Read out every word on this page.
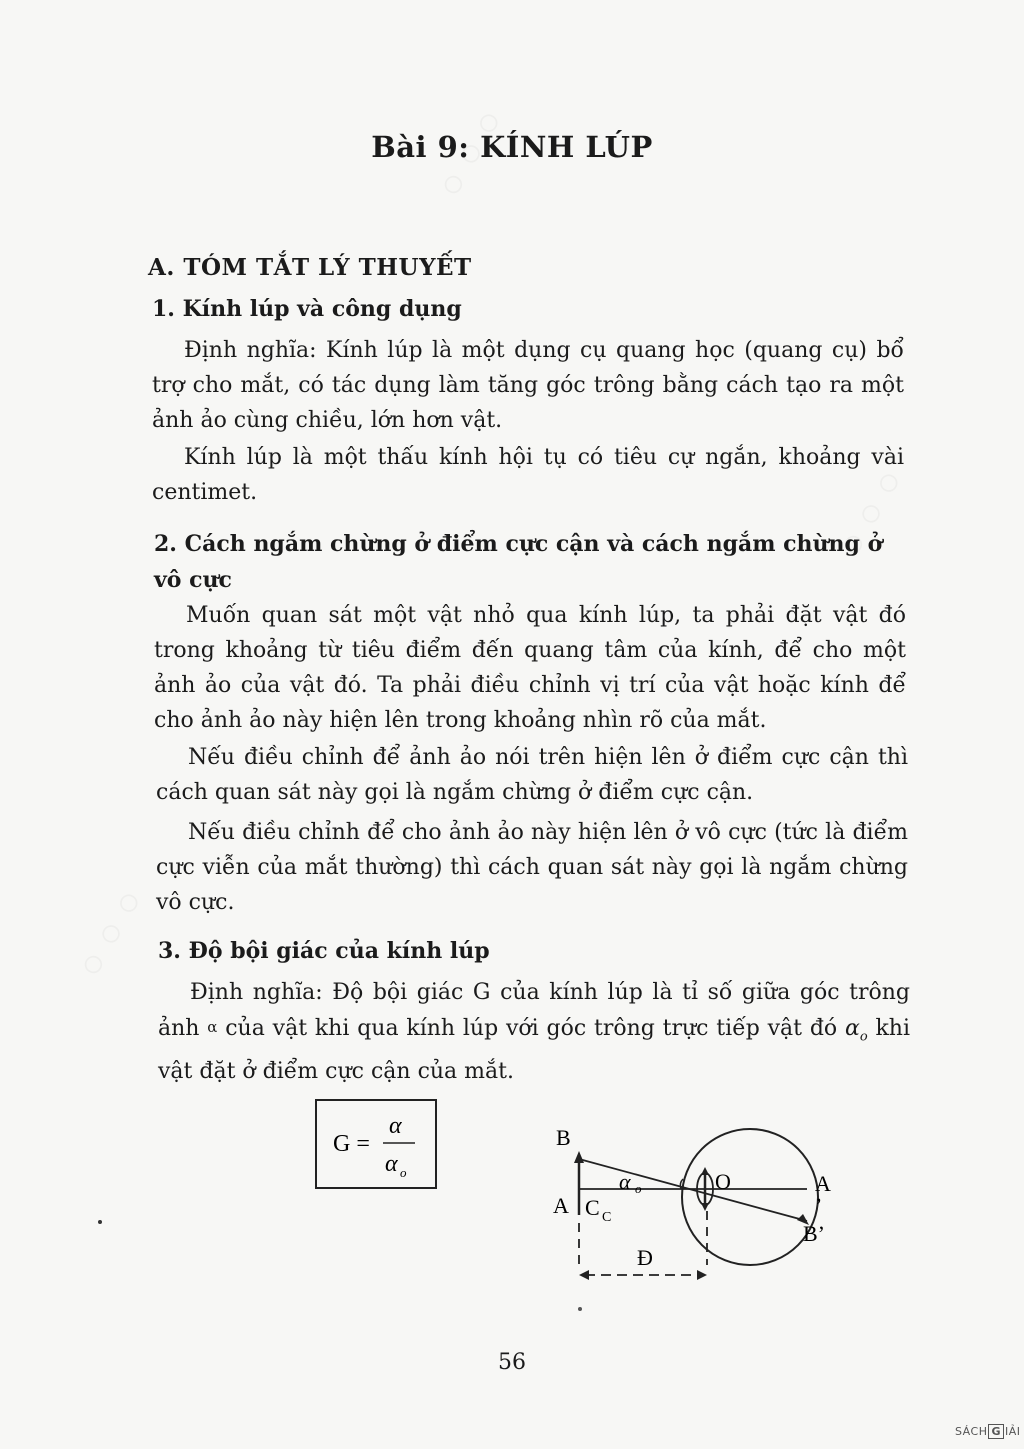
Bài 9: KÍNH LÚP
A. TÓM TẮT LÝ THUYẾT
1. Kính lúp và công dụng
Định nghĩa: Kính lúp là một dụng cụ quang học (quang cụ) bổ trợ cho mắt, có tác dụng làm tăng góc trông bằng cách tạo ra một ảnh ảo cùng chiều, lớn hơn vật.
Kính lúp là một thấu kính hội tụ có tiêu cự ngắn, khoảng vài centimet.
2. Cách ngắm chừng ở điểm cực cận và cách ngắm chừng ở vô cực
Muốn quan sát một vật nhỏ qua kính lúp, ta phải đặt vật đó trong khoảng từ tiêu điểm đến quang tâm của kính, để cho một ảnh ảo của vật đó. Ta phải điều chỉnh vị trí của vật hoặc kính để cho ảnh ảo này hiện lên trong khoảng nhìn rõ của mắt.
Nếu điều chỉnh để ảnh ảo nói trên hiện lên ở điểm cực cận thì cách quan sát này gọi là ngắm chừng ở điểm cực cận.
Nếu điều chỉnh để cho ảnh ảo này hiện lên ở vô cực (tức là điểm cực viễn của mắt thường) thì cách quan sát này gọi là ngắm chừng vô cực.
3. Độ bội giác của kính lúp
Định nghĩa: Độ bội giác G của kính lúp là tỉ số giữa góc trông ảnh α của vật khi qua kính lúp với góc trông trực tiếp vật đó $\alpha_o$ khi vật đặt ở điểm cực cận của mắt.
G =
α
α o
B
A C C
α o	O	A
’
B’
Đ
56
SÁCH G IẢI
